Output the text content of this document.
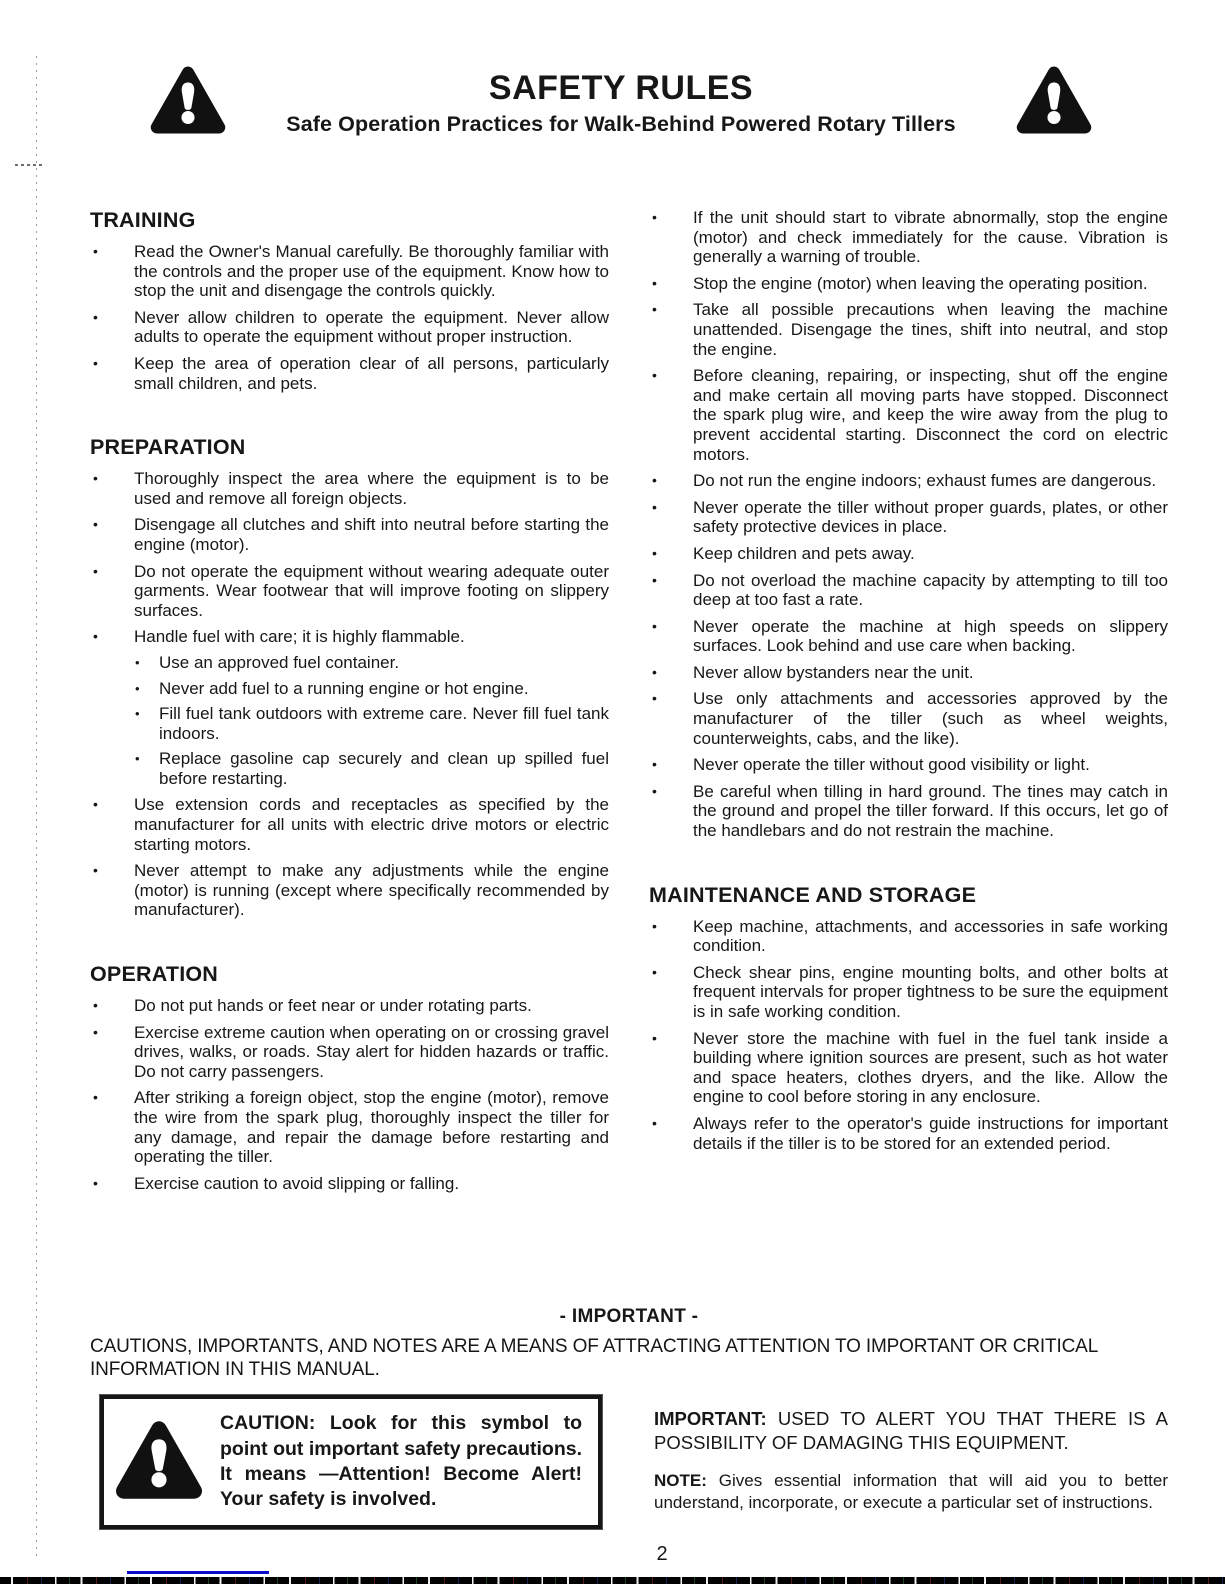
SAFETY RULES
Safe Operation Practices for Walk-Behind Powered Rotary Tillers
TRAINING
•	Read the Owner's Manual carefully. Be thoroughly familiar with the controls and the proper use of the equipment. Know how to stop the unit and disengage the controls quickly.
•	Never allow children to operate the equipment. Never allow adults to operate the equipment without proper instruction.
•	Keep the area of operation clear of all persons, particularly small children, and pets.
PREPARATION
•	Thoroughly inspect the area where the equipment is to be used and remove all foreign objects.
•	Disengage all clutches and shift into neutral before starting the engine (motor).
•	Do not operate the equipment without wearing adequate outer garments. Wear footwear that will improve footing on slippery surfaces.
•	Handle fuel with care; it is highly flammable.
•	Use an approved fuel container.
•	Never add fuel to a running engine or hot engine.
•	Fill fuel tank outdoors with extreme care. Never fill fuel tank indoors.
•	Replace gasoline cap securely and clean up spilled fuel before restarting.
•	Use extension cords and receptacles as specified by the manufacturer for all units with electric drive motors or electric starting motors.
•	Never attempt to make any adjustments while the engine (motor) is running (except where specifically recommended by manufacturer).
OPERATION
•	Do not put hands or feet near or under rotating parts.
•	Exercise extreme caution when operating on or crossing gravel drives, walks, or roads. Stay alert for hidden hazards or traffic. Do not carry passengers.
•	After striking a foreign object, stop the engine (motor), remove the wire from the spark plug, thoroughly inspect the tiller for any damage, and repair the damage before restarting and operating the tiller.
•	Exercise caution to avoid slipping or falling.
•	If the unit should start to vibrate abnormally, stop the engine (motor) and check immediately for the cause. Vibration is generally a warning of trouble.
•	Stop the engine (motor) when leaving the operating position.
•	Take all possible precautions when leaving the machine unattended. Disengage the tines, shift into neutral, and stop the engine.
•	Before cleaning, repairing, or inspecting, shut off the engine and make certain all moving parts have stopped. Disconnect the spark plug wire, and keep the wire away from the plug to prevent accidental starting. Disconnect the cord on electric motors.
•	Do not run the engine indoors; exhaust fumes are dangerous.
•	Never operate the tiller without proper guards, plates, or other safety protective devices in place.
•	Keep children and pets away.
•	Do not overload the machine capacity by attempting to till too deep at too fast a rate.
•	Never operate the machine at high speeds on slippery surfaces. Look behind and use care when backing.
•	Never allow bystanders near the unit.
•	Use only attachments and accessories approved by the manufacturer of the tiller (such as wheel weights, counterweights, cabs, and the like).
•	Never operate the tiller without good visibility or light.
•	Be careful when tilling in hard ground. The tines may catch in the ground and propel the tiller forward. If this occurs, let go of the handlebars and do not restrain the machine.
MAINTENANCE AND STORAGE
•	Keep machine, attachments, and accessories in safe working condition.
•	Check shear pins, engine mounting bolts, and other bolts at frequent intervals for proper tightness to be sure the equipment is in safe working condition.
•	Never store the machine with fuel in the fuel tank inside a building where ignition sources are present, such as hot water and space heaters, clothes dryers, and the like. Allow the engine to cool before storing in any enclosure.
•	Always refer to the operator's guide instructions for important details if the tiller is to be stored for an extended period.
- IMPORTANT -
CAUTIONS, IMPORTANTS, AND NOTES ARE A MEANS OF ATTRACTING ATTENTION TO IMPORTANT OR CRITICAL INFORMATION IN THIS MANUAL.
CAUTION: Look for this symbol to point out important safety precautions. It means —Attention! Become Alert! Your safety is involved.
IMPORTANT: USED TO ALERT YOU THAT THERE IS A POSSIBILITY OF DAMAGING THIS EQUIPMENT.
NOTE: Gives essential information that will aid you to better understand, incorporate, or execute a particular set of instructions.
2
